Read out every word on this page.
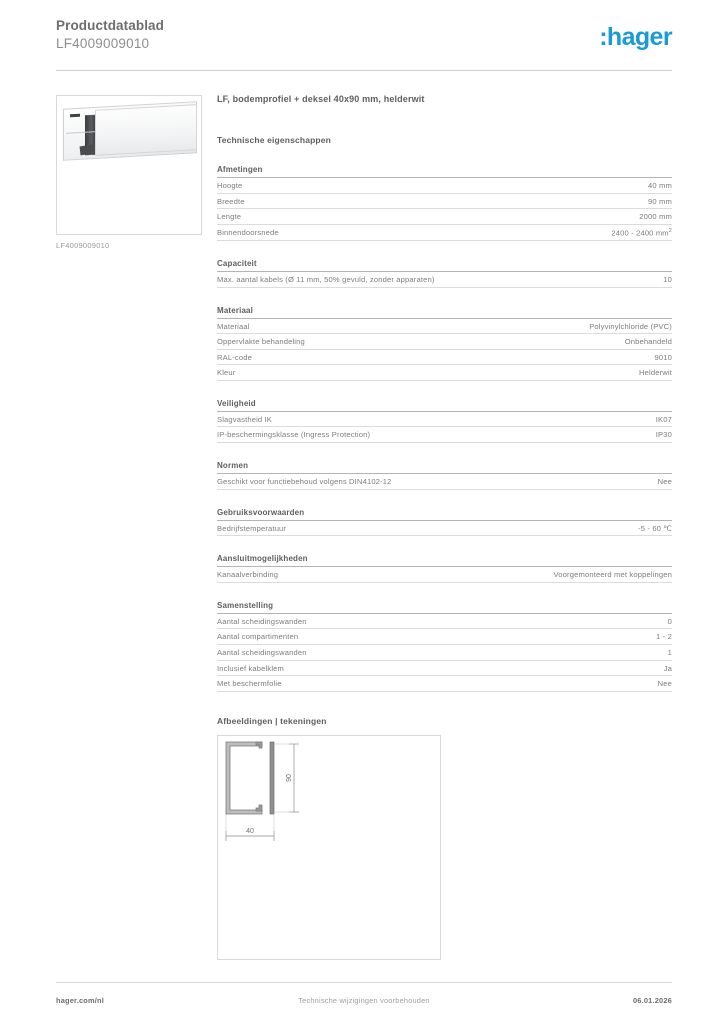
Productdatablad
LF4009009010	:hager
LF4009009010
LF, bodemprofiel + deksel 40x90 mm, helderwit
Technische eigenschappen
Afmetingen
Hoogte	40 mm
Breedte	90 mm
Lengte	2000 mm
Binnendoorsnede	2400 - 2400 $mm^2$
Capaciteit
Max. aantal kabels (Ø 11 mm, 50% gevuld, zonder apparaten)	10
Materiaal
Materiaal	Polyvinylchloride (PVC)
Oppervlakte behandeling	Onbehandeld
RAL-code	9010
Kleur	Helderwit
Veiligheid
Slagvastheid IK	IK07
IP-beschermingsklasse (Ingress Protection)	IP30
Normen
Geschikt voor functiebehoud volgens DIN4102-12	Nee
Gebruiksvoorwaarden
Bedrijfstemperatuur	-5 - 60 ℃
Aansluitmogelijkheden
Kanaalverbinding	Voorgemonteerd met koppelingen
Samenstelling
Aantal scheidingswanden	0
Aantal compartimenten	1 - 2
Aantal scheidingswanden	1
Inclusief kabelklem	Ja
Met beschermfolie	Nee
Afbeeldingen | tekeningen
90
40
hager.com/nl	Technische wijzigingen voorbehouden	06.01.2026
